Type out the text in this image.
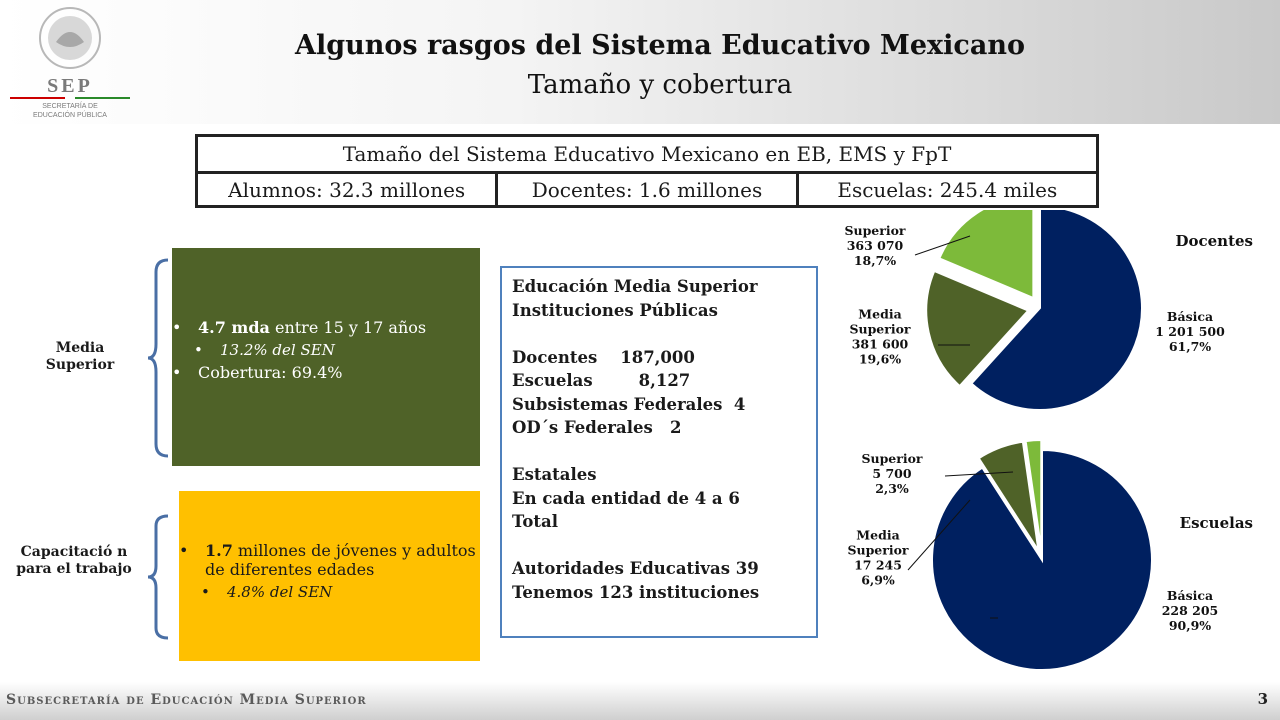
SEP
SECRETARÍA DE
EDUCACIÓN PÚBLICA
Algunos rasgos del Sistema Educativo Mexicano
Tamaño y cobertura
Tamaño del Sistema Educativo Mexicano en EB, EMS y FpT
Alumnos: 32.3 millones	Docentes: 1.6 millones	Escuelas: 245.4 miles
Media Superior
• 4.7 mda entre 15 y 17 años
• 13.2% del SEN
• Cobertura: 69.4%
Capacitació n para el trabajo
• 1.7 millones de jóvenes y adultos de diferentes edades
• 4.8% del SEN
Educación Media Superior
Instituciones Públicas
Docentes    187,000
Escuelas        8,127
Subsistemas Federales  4
OD´s Federales   2
Estatales
En cada entidad de 4 a 6
Total
Autoridades Educativas 39
Tenemos 123 instituciones
Básica 1 201 500 61,7%
Media Superior 381 600 19,6%
Superior 363 070 18,7%
Docentes
Básica 228 205 90,9%
Media Superior 17 245 6,9%
Superior 5 700 2,3%
Escuelas
Subsecretaría de Educación Media Superior	3
